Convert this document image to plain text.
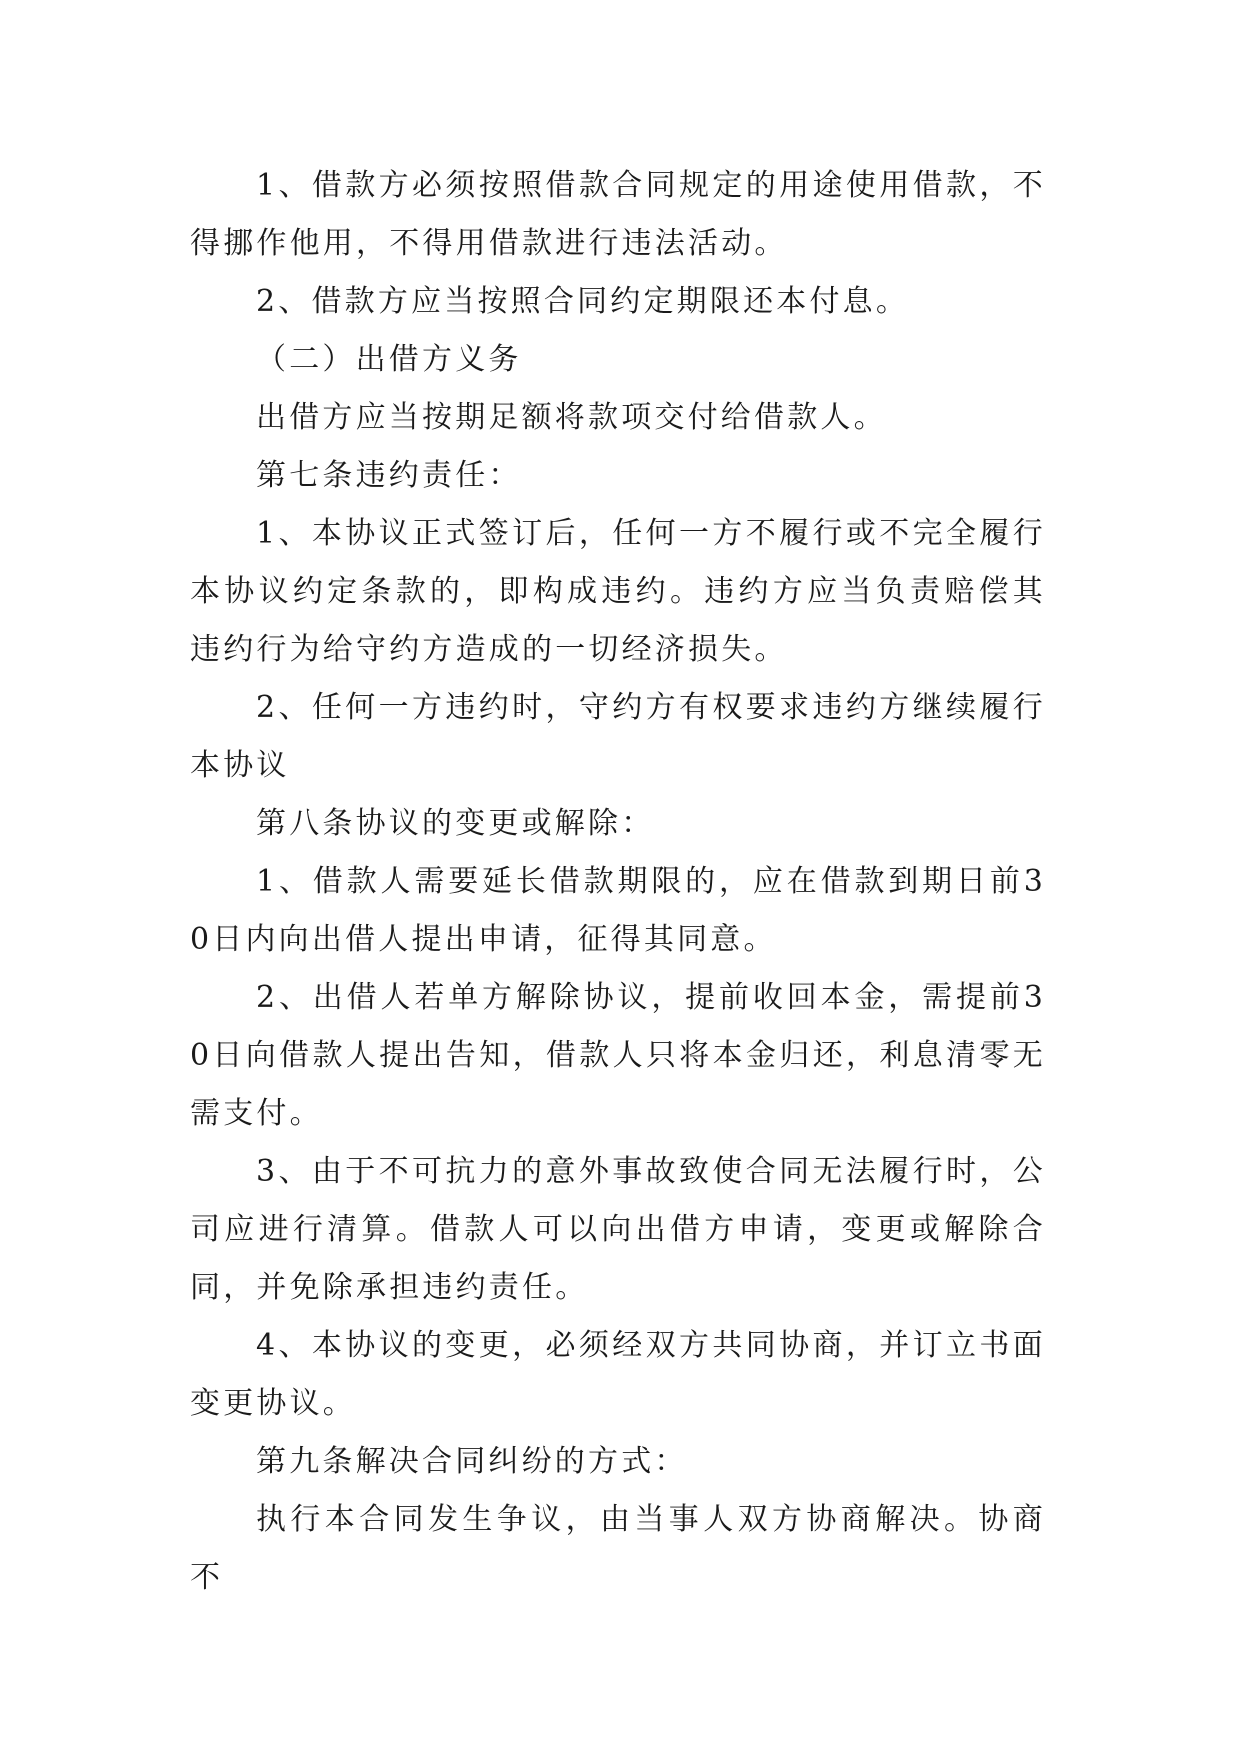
1、借款方必须按照借款合同规定的用途使用借款，不得挪作他用，不得用借款进行违法活动。

2、借款方应当按照合同约定期限还本付息。

（二）出借方义务

出借方应当按期足额将款项交付给借款人。

第七条违约责任：

1、本协议正式签订后，任何一方不履行或不完全履行本协议约定条款的，即构成违约。违约方应当负责赔偿其违约行为给守约方造成的一切经济损失。

2、任何一方违约时，守约方有权要求违约方继续履行本协议

第八条协议的变更或解除：

1、借款人需要延长借款期限的，应在借款到期日前30日内向出借人提出申请，征得其同意。

2、出借人若单方解除协议，提前收回本金，需提前30日向借款人提出告知，借款人只将本金归还，利息清零无需支付。

3、由于不可抗力的意外事故致使合同无法履行时，公司应进行清算。借款人可以向出借方申请，变更或解除合同，并免除承担违约责任。

4、本协议的变更，必须经双方共同协商，并订立书面变更协议。

第九条解决合同纠纷的方式：

执行本合同发生争议，由当事人双方协商解决。协商不
